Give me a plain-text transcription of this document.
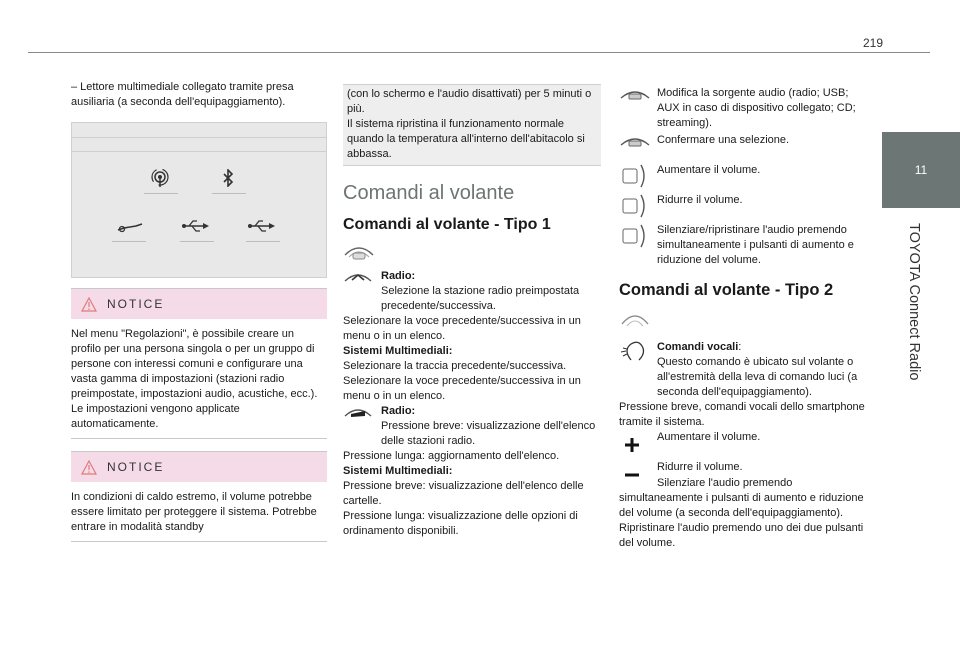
219
11
TOYOTA Connect Radio

– Lettore multimediale collegato tramite presa ausiliaria (a seconda dell'equipaggiamento).

NOTICE
Nel menu "Regolazioni", è possibile creare un profilo per una persona singola o per un gruppo di persone con interessi comuni e configurare una vasta gamma di impostazioni (stazioni radio preimpostate, impostazioni audio, acustiche, ecc.). Le impostazioni vengono applicate automaticamente.
NOTICE
In condizioni di caldo estremo, il volume potrebbe essere limitato per proteggere il sistema. Potrebbe entrare in modalità standby

(con lo schermo e l'audio disattivati) per 5 minuti o più.

Il sistema ripristina il funzionamento normale quando la temperatura all'interno dell'abitacolo si abbassa.

Comandi al volante
Comandi al volante - Tipo 1

Radio:

Selezione la stazione radio preimpostata precedente/successiva.

Selezionare la voce precedente/successiva in un menu o in un elenco.

Sistemi Multimediali:

Selezionare la traccia precedente/successiva.

Selezionare la voce precedente/successiva in un menu o in un elenco.

Radio:

Pressione breve: visualizzazione dell'elenco delle stazioni radio.

Pressione lunga: aggiornamento dell'elenco.

Sistemi Multimediali:

Pressione breve: visualizzazione dell'elenco delle cartelle.

Pressione lunga: visualizzazione delle opzioni di ordinamento disponibili.

Modifica la sorgente audio (radio; USB; AUX in caso di dispositivo collegato; CD; streaming).

Confermare una selezione.

Aumentare il volume.

Ridurre il volume.

Silenziare/ripristinare l'audio premendo simultaneamente i pulsanti di aumento e riduzione del volume.

Comandi al volante - Tipo 2

Comandi vocali:

Questo comando è ubicato sul volante o all'estremità della leva di comando luci (a seconda dell'equipaggiamento).

Pressione breve, comandi vocali dello smartphone tramite il sistema.

Aumentare il volume.

Ridurre il volume.

Silenziare l'audio premendo simultaneamente i pulsanti di aumento e riduzione del volume (a seconda dell'equipaggiamento).

Ripristinare l'audio premendo uno dei due pulsanti del volume.
